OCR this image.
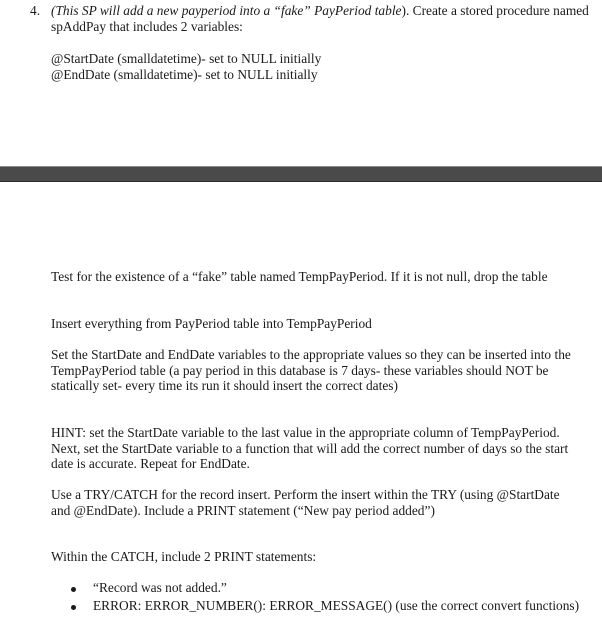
4. (This SP will add a new payperiod into a “fake” PayPeriod table). Create a stored procedure named spAddPay that includes 2 variables:
@StartDate (smalldatetime)- set to NULL initially
@EndDate (smalldatetime)- set to NULL initially
Test for the existence of a “fake” table named TempPayPeriod. If it is not null, drop the table
Insert everything from PayPeriod table into TempPayPeriod
Set the StartDate and EndDate variables to the appropriate values so they can be inserted into the TempPayPeriod table (a pay period in this database is 7 days- these variables should NOT be statically set- every time its run it should insert the correct dates)
HINT: set the StartDate variable to the last value in the appropriate column of TempPayPeriod. Next, set the StartDate variable to a function that will add the correct number of days so the start date is accurate. Repeat for EndDate.
Use a TRY/CATCH for the record insert. Perform the insert within the TRY (using @StartDate and @EndDate). Include a PRINT statement (“New pay period added”)
Within the CATCH, include 2 PRINT statements:
“Record was not added.”
ERROR: ERROR_NUMBER(): ERROR_MESSAGE() (use the correct convert functions)
